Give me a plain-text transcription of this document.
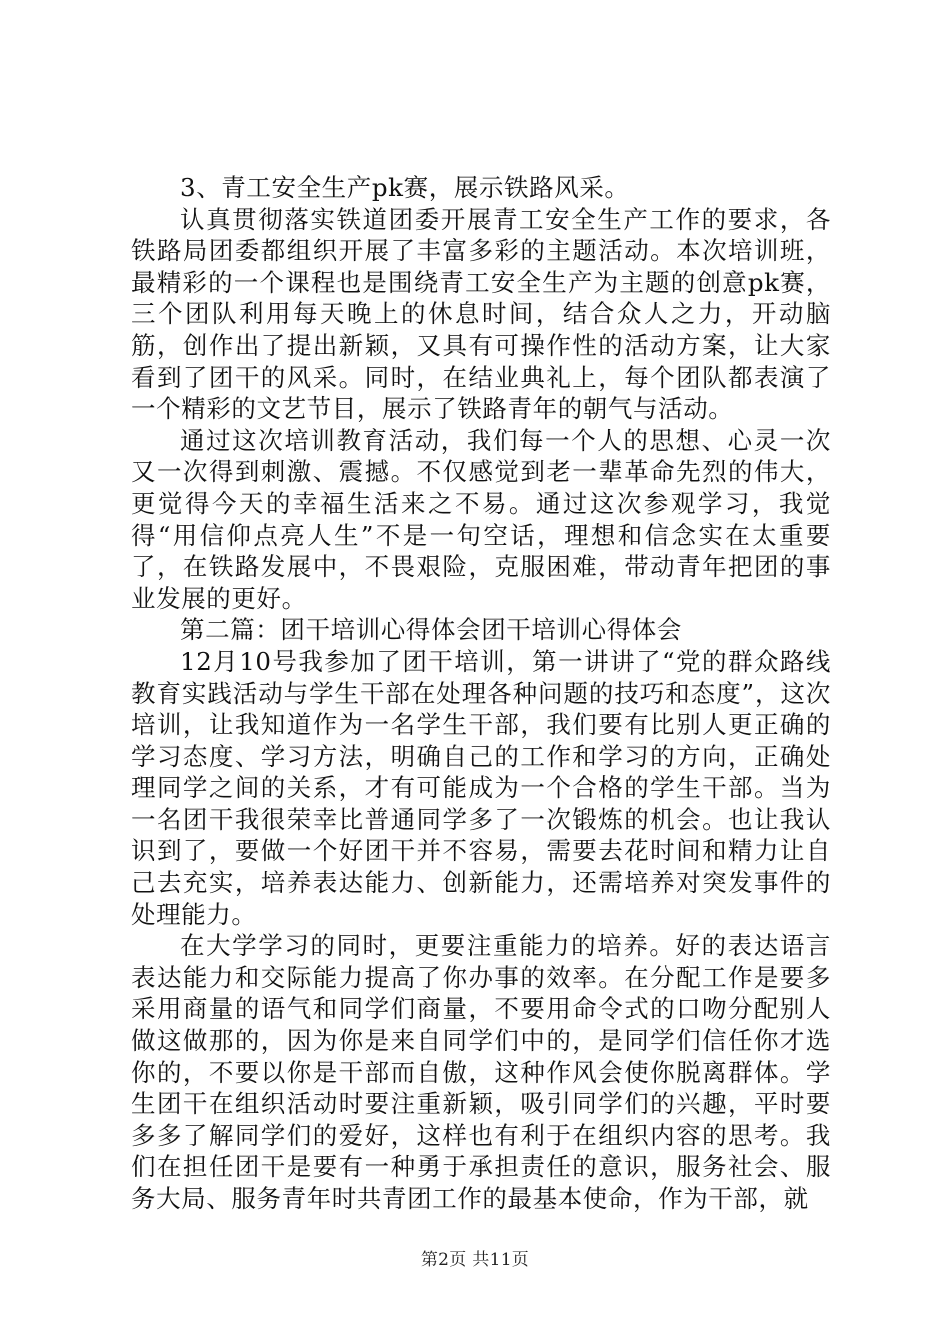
3、青工安全生产pk赛，展示铁路风采。

认真贯彻落实铁道团委开展青工安全生产工作的要求，各铁路局团委都组织开展了丰富多彩的主题活动。本次培训班，最精彩的一个课程也是围绕青工安全生产为主题的创意pk赛，三个团队利用每天晚上的休息时间，结合众人之力，开动脑筋，创作出了提出新颖，又具有可操作性的活动方案，让大家看到了团干的风采。同时，在结业典礼上，每个团队都表演了一个精彩的文艺节目，展示了铁路青年的朝气与活动。

通过这次培训教育活动，我们每一个人的思想、心灵一次又一次得到刺激、震撼。不仅感觉到老一辈革命先烈的伟大，更觉得今天的幸福生活来之不易。通过这次参观学习，我觉得“用信仰点亮人生”不是一句空话，理想和信念实在太重要了，在铁路发展中，不畏艰险，克服困难，带动青年把团的事业发展的更好。

第二篇：团干培训心得体会团干培训心得体会

12月10号我参加了团干培训，第一讲讲了“党的群众路线教育实践活动与学生干部在处理各种问题的技巧和态度”，这次培训，让我知道作为一名学生干部，我们要有比别人更正确的学习态度、学习方法，明确自己的工作和学习的方向，正确处理同学之间的关系，才有可能成为一个合格的学生干部。当为一名团干我很荣幸比普通同学多了一次锻炼的机会。也让我认识到了，要做一个好团干并不容易，需要去花时间和精力让自己去充实，培养表达能力、创新能力，还需培养对突发事件的处理能力。

在大学学习的同时，更要注重能力的培养。好的表达语言表达能力和交际能力提高了你办事的效率。在分配工作是要多采用商量的语气和同学们商量，不要用命令式的口吻分配别人做这做那的，因为你是来自同学们中的，是同学们信任你才选你的，不要以你是干部而自傲，这种作风会使你脱离群体。学生团干在组织活动时要注重新颖，吸引同学们的兴趣，平时要多多了解同学们的爱好，这样也有利于在组织内容的思考。我们在担任团干是要有一种勇于承担责任的意识，服务社会、服务大局、服务青年时共青团工作的最基本使命，作为干部，就

第2页 共11页
